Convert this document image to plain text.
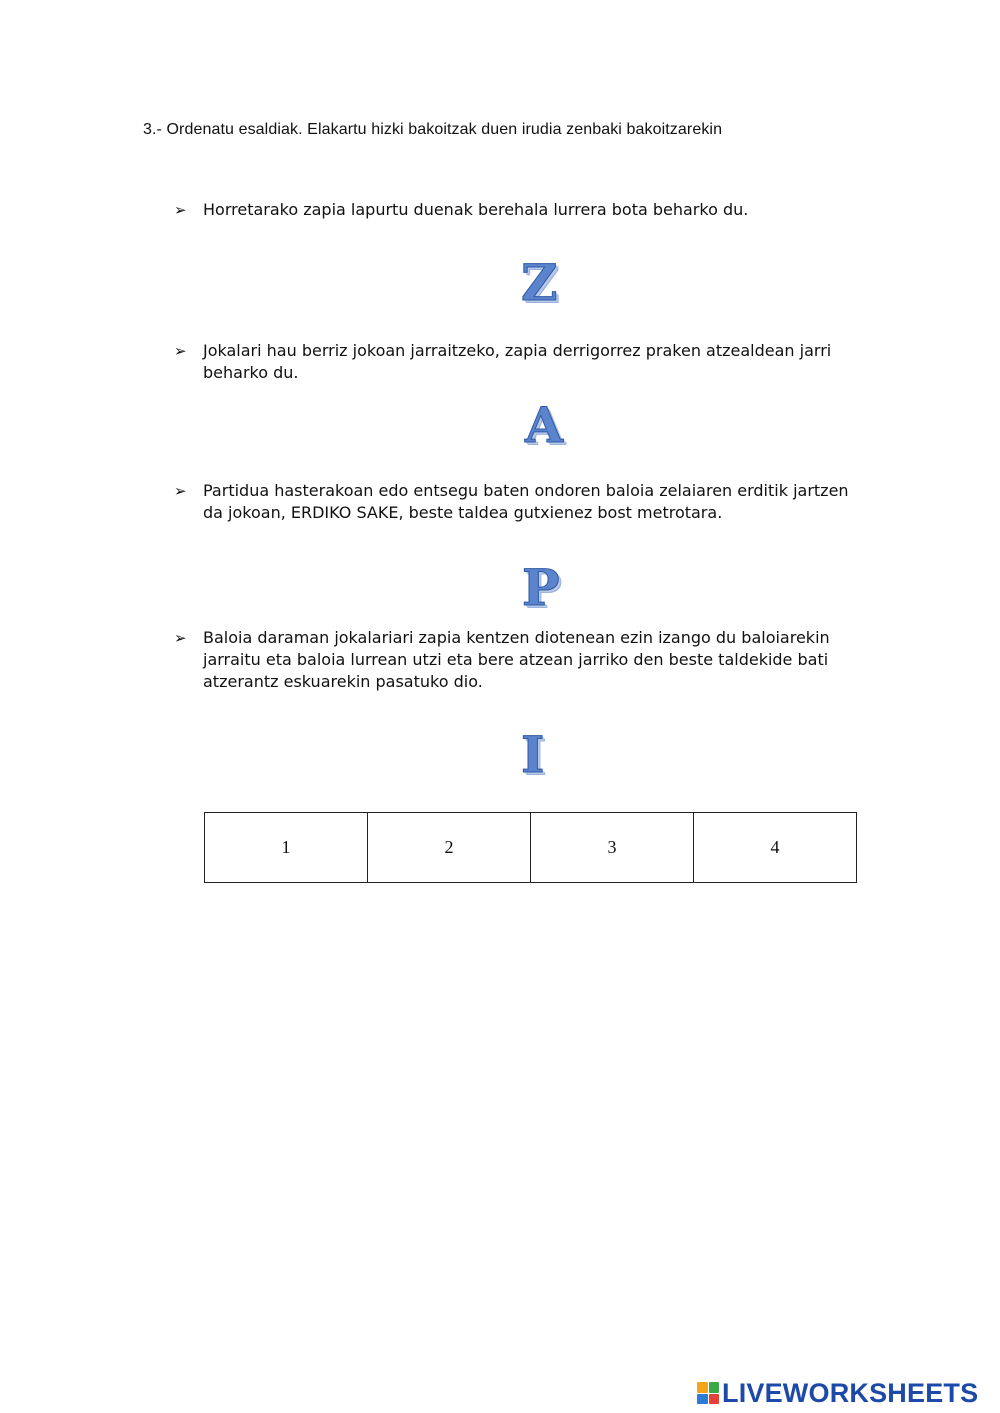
3.- Ordenatu esaldiak. Elakartu hizki bakoitzak duen irudia zenbaki bakoitzarekin
➢	Horretarako zapia lapurtu duenak berehala lurrera bota beharko du.
Z
➢	Jokalari hau berriz jokoan jarraitzeko, zapia derrigorrez praken atzealdean jarri beharko du.
A
➢	Partidua hasterakoan edo entsegu baten ondoren baloia zelaiaren erditik jartzen da jokoan, ERDIKO SAKE, beste taldea gutxienez bost metrotara.
P
➢	Baloia daraman jokalariari zapia kentzen diotenean ezin izango du baloiarekin jarraitu eta baloia lurrean utzi eta bere atzean jarriko den beste taldekide bati atzerantz eskuarekin pasatuko dio.
I
1	2	3	4
LIVEWORKSHEETS
